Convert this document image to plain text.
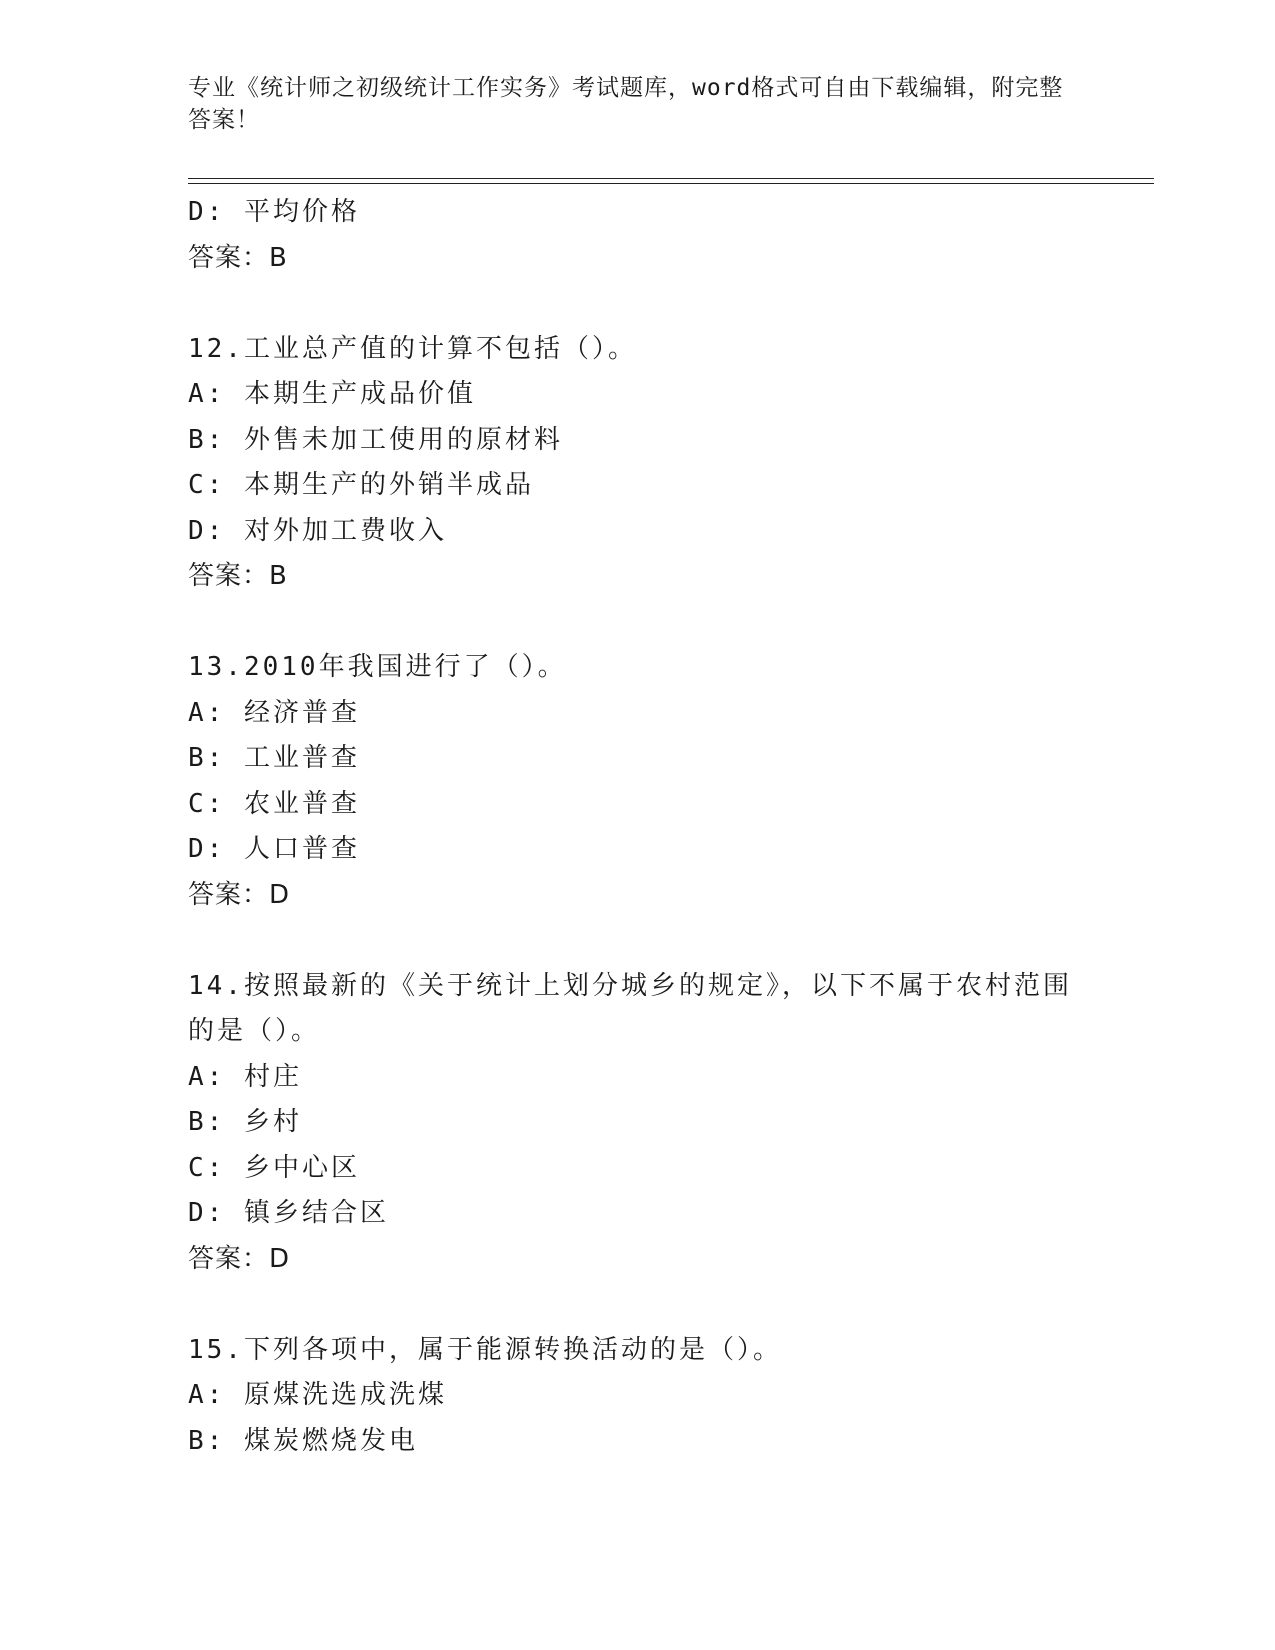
专业《统计师之初级统计工作实务》考试题库，word格式可自由下载编辑，附完整答案！
D: 平均价格
答案：B
12.工业总产值的计算不包括（）。
A: 本期生产成品价值
B: 外售未加工使用的原材料
C: 本期生产的外销半成品
D: 对外加工费收入
答案：B
13.2010年我国进行了（）。
A: 经济普查
B: 工业普查
C: 农业普查
D: 人口普查
答案：D
14.按照最新的《关于统计上划分城乡的规定》，以下不属于农村范围的是（）。
A: 村庄
B: 乡村
C: 乡中心区
D: 镇乡结合区
答案：D
15.下列各项中，属于能源转换活动的是（）。
A: 原煤洗选成洗煤
B: 煤炭燃烧发电
